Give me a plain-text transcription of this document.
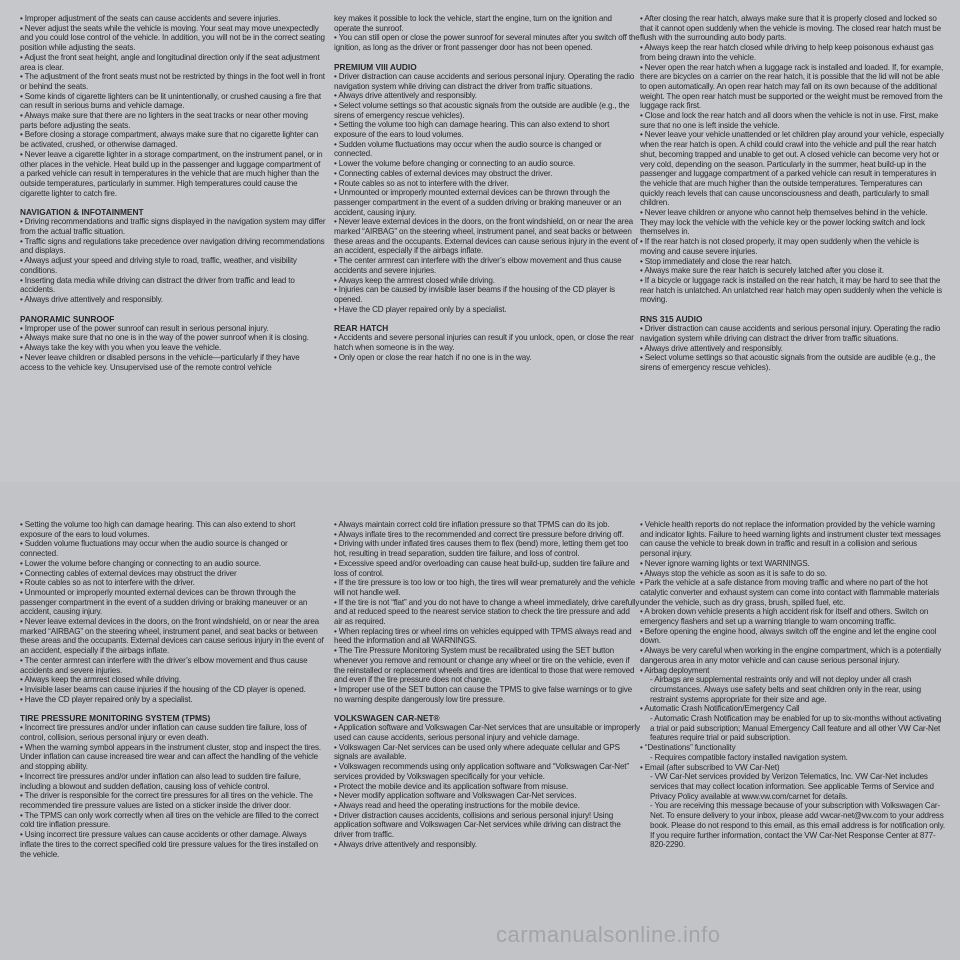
• Improper adjustment of the seats can cause accidents and severe injuries.

• Never adjust the seats while the vehicle is moving. Your seat may move unexpectedly and you could lose control of the vehicle. In addition, you will not be in the correct seating position while adjusting the seats.

• Adjust the front seat height, angle and longitudinal direction only if the seat adjustment area is clear.

• The adjustment of the front seats must not be restricted by things in the foot well in front or behind the seats.

• Some kinds of cigarette lighters can be lit unintentionally, or crushed causing a fire that can result in serious burns and vehicle damage.

• Always make sure that there are no lighters in the seat tracks or near other moving parts before adjusting the seats.

• Before closing a storage compartment, always make sure that no cigarette lighter can be activated, crushed, or otherwise damaged.

• Never leave a cigarette lighter in a storage compartment, on the instrument panel, or in other places in the vehicle. Heat build up in the passenger and luggage compartment of a parked vehicle can result in temperatures in the vehicle that are much higher than the outside temperatures, particularly in summer. High temperatures could cause the cigarette lighter to catch fire.

NAVIGATION & INFOTAINMENT

• Driving recommendations and traffic signs displayed in the navigation system may differ from the actual traffic situation.

• Traffic signs and regulations take precedence over navigation driving recommendations and displays.

• Always adjust your speed and driving style to road, traffic, weather, and visibility conditions.

• Inserting data media while driving can distract the driver from traffic and lead to accidents.

• Always drive attentively and responsibly.

PANORAMIC SUNROOF

• Improper use of the power sunroof can result in serious personal injury.

• Always make sure that no one is in the way of the power sunroof when it is closing.

• Always take the key with you when you leave the vehicle.

• Never leave children or disabled persons in the vehicle—particularly if they have access to the vehicle key. Unsupervised use of the remote control vehicle

key makes it possible to lock the vehicle, start the engine, turn on the ignition and operate the sunroof.

• You can still open or close the power sunroof for several minutes after you switch off the ignition, as long as the driver or front passenger door has not been opened.

PREMIUM VIII AUDIO

• Driver distraction can cause accidents and serious personal injury. Operating the radio navigation system while driving can distract the driver from traffic situations.

• Always drive attentively and responsibly.

• Select volume settings so that acoustic signals from the outside are audible (e.g., the sirens of emergency rescue vehicles).

• Setting the volume too high can damage hearing. This can also extend to short exposure of the ears to loud volumes.

• Sudden volume fluctuations may occur when the audio source is changed or connected.

• Lower the volume before changing or connecting to an audio source.

• Connecting cables of external devices may obstruct the driver.

• Route cables so as not to interfere with the driver.

• Unmounted or improperly mounted external devices can be thrown through the passenger compartment in the event of a sudden driving or braking maneuver or an accident, causing injury.

• Never leave external devices in the doors, on the front windshield, on or near the area marked “AIRBAG” on the steering wheel, instrument panel, and seat backs or between these areas and the occupants. External devices can cause serious injury in the event of an accident, especially if the airbags inflate.

• The center armrest can interfere with the driver’s elbow movement and thus cause accidents and severe injuries.

• Always keep the armrest closed while driving.

• Injuries can be caused by invisible laser beams if the housing of the CD player is opened.

• Have the CD player repaired only by a specialist.

REAR HATCH

• Accidents and severe personal injuries can result if you unlock, open, or close the rear hatch when someone is in the way.

• Only open or close the rear hatch if no one is in the way.

• After closing the rear hatch, always make sure that it is properly closed and locked so that it cannot open suddenly when the vehicle is moving. The closed rear hatch must be flush with the surrounding auto body parts.

• Always keep the rear hatch closed while driving to help keep poisonous exhaust gas from being drawn into the vehicle.

• Never open the rear hatch when a luggage rack is installed and loaded. If, for example, there are bicycles on a carrier on the rear hatch, it is possible that the lid will not be able to open automatically. An open rear hatch may fall on its own because of the additional weight. The open rear hatch must be supported or the weight must be removed from the luggage rack first.

• Close and lock the rear hatch and all doors when the vehicle is not in use. First, make sure that no one is left inside the vehicle.

• Never leave your vehicle unattended or let children play around your vehicle, especially when the rear hatch is open. A child could crawl into the vehicle and pull the rear hatch shut, becoming trapped and unable to get out. A closed vehicle can become very hot or very cold, depending on the season. Particularly in the summer, heat build-up in the passenger and luggage compartment of a parked vehicle can result in temperatures in the vehicle that are much higher than the outside temperatures. Temperatures can quickly reach levels that can cause unconsciousness and death, particularly to small children.

• Never leave children or anyone who cannot help themselves behind in the vehicle. They may lock the vehicle with the vehicle key or the power locking switch and lock themselves in.

• If the rear hatch is not closed properly, it may open suddenly when the vehicle is moving and cause severe injuries.

• Stop immediately and close the rear hatch.

• Always make sure the rear hatch is securely latched after you close it.

• If a bicycle or luggage rack is installed on the rear hatch, it may be hard to see that the rear hatch is unlatched. An unlatched rear hatch may open suddenly when the vehicle is moving.

RNS 315 AUDIO

• Driver distraction can cause accidents and serious personal injury. Operating the radio navigation system while driving can distract the driver from traffic situations.

• Always drive attentively and responsibly.

• Select volume settings so that acoustic signals from the outside are audible (e.g., the sirens of emergency rescue vehicles).

• Setting the volume too high can damage hearing. This can also extend to short exposure of the ears to loud volumes.

• Sudden volume fluctuations may occur when the audio source is changed or connected.

• Lower the volume before changing or connecting to an audio source.

• Connecting cables of external devices may obstruct the driver

• Route cables so as not to interfere with the driver.

• Unmounted or improperly mounted external devices can be thrown through the passenger compartment in the event of a sudden driving or braking maneuver or an accident, causing injury.

• Never leave external devices in the doors, on the front windshield, on or near the area marked “AIRBAG” on the steering wheel, instrument panel, and seat backs or between these areas and the occupants. External devices can cause serious injury in the event of an accident, especially if the airbags inflate.

• The center armrest can interfere with the driver’s elbow movement and thus cause accidents and severe injuries.

• Always keep the armrest closed while driving.

• Invisible laser beams can cause injuries if the housing of the CD player is opened.

• Have the CD player repaired only by a specialist.

TIRE PRESSURE MONITORING SYSTEM (TPMS)

• Incorrect tire pressures and/or under inflation can cause sudden tire failure, loss of control, collision, serious personal injury or even death.

• When the warning symbol appears in the instrument cluster, stop and inspect the tires. Under inflation can cause increased tire wear and can affect the handling of the vehicle and stopping ability.

• Incorrect tire pressures and/or under inflation can also lead to sudden tire failure, including a blowout and sudden deflation, causing loss of vehicle control.

• The driver is responsible for the correct tire pressures for all tires on the vehicle. The recommended tire pressure values are listed on a sticker inside the driver door.

• The TPMS can only work correctly when all tires on the vehicle are filled to the correct cold tire inflation pressure.

• Using incorrect tire pressure values can cause accidents or other damage. Always inflate the tires to the correct specified cold tire pressure values for the tires installed on the vehicle.

• Always maintain correct cold tire inflation pressure so that TPMS can do its job.

• Always inflate tires to the recommended and correct tire pressure before driving off.

• Driving with under inflated tires causes them to flex (bend) more, letting them get too hot, resulting in tread separation, sudden tire failure, and loss of control.

• Excessive speed and/or overloading can cause heat build-up, sudden tire failure and loss of control.

• If the tire pressure is too low or too high, the tires will wear prematurely and the vehicle will not handle well.

• If the tire is not “flat” and you do not have to change a wheel immediately, drive carefully and at reduced speed to the nearest service station to check the tire pressure and add air as required.

• When replacing tires or wheel rims on vehicles equipped with TPMS always read and heed the information and all WARNINGS.

• The Tire Pressure Monitoring System must be recalibrated using the SET button whenever you remove and remount or change any wheel or tire on the vehicle, even if the reinstalled or replacement wheels and tires are identical to those that were removed and even if the tire pressure does not change.

• Improper use of the SET button can cause the TPMS to give false warnings or to give no warning despite dangerously low tire pressure.

VOLKSWAGEN CAR-NET®

• Application software and Volkswagen Car-Net services that are unsuitable or improperly used can cause accidents, serious personal injury and vehicle damage.

• Volkswagen Car-Net services can be used only where adequate cellular and GPS signals are available.

• Volkswagen recommends using only application software and “Volkswagen Car-Net” services provided by Volkswagen specifically for your vehicle.

• Protect the mobile device and its application software from misuse.

• Never modify application software and Volkswagen Car-Net services.

• Always read and heed the operating instructions for the mobile device.

• Driver distraction causes accidents, collisions and serious personal injury! Using application software and Volkswagen Car-Net services while driving can distract the driver from traffic.

• Always drive attentively and responsibly.

• Vehicle health reports do not replace the information provided by the vehicle warning and indicator lights. Failure to heed warning lights and instrument cluster text messages can cause the vehicle to break down in traffic and result in a collision and serious personal injury.

• Never ignore warning lights or text WARNINGS.

• Always stop the vehicle as soon as it is safe to do so.

• Park the vehicle at a safe distance from moving traffic and where no part of the hot catalytic converter and exhaust system can come into contact with flammable materials under the vehicle, such as dry grass, brush, spilled fuel, etc.

• A broken down vehicle presents a high accident risk for itself and others. Switch on emergency flashers and set up a warning triangle to warn oncoming traffic.

• Before opening the engine hood, always switch off the engine and let the engine cool down.

• Always be very careful when working in the engine compartment, which is a potentially dangerous area in any motor vehicle and can cause serious personal injury.

• Airbag deployment

- Airbags are supplemental restraints only and will not deploy under all crash circumstances. Always use safety belts and seat children only in the rear, using restraint systems appropriate for their size and age.

• Automatic Crash Notification/Emergency Call

- Automatic Crash Notification may be enabled for up to six-months without activating a trial or paid subscription; Manual Emergency Call feature and all other VW Car-Net features require trial or paid subscription.

• “Destinations” functionality

- Requires compatible factory installed navigation system.

• Email (after subscribed to VW Car-Net)

- VW Car-Net services provided by Verizon Telematics, Inc. VW Car-Net includes services that may collect location information. See applicable Terms of Service and Privacy Policy available at www.vw.com/carnet for details.

- You are receiving this message because of your subscription with Volkswagen Car-Net. To ensure delivery to your inbox, please add vwcar-net@vw.com to your address book. Please do not respond to this email, as this email address is for notification only. If you require further information, contact the VW Car-Net Response Center at 877-820-2290.

carmanualsonline.info
